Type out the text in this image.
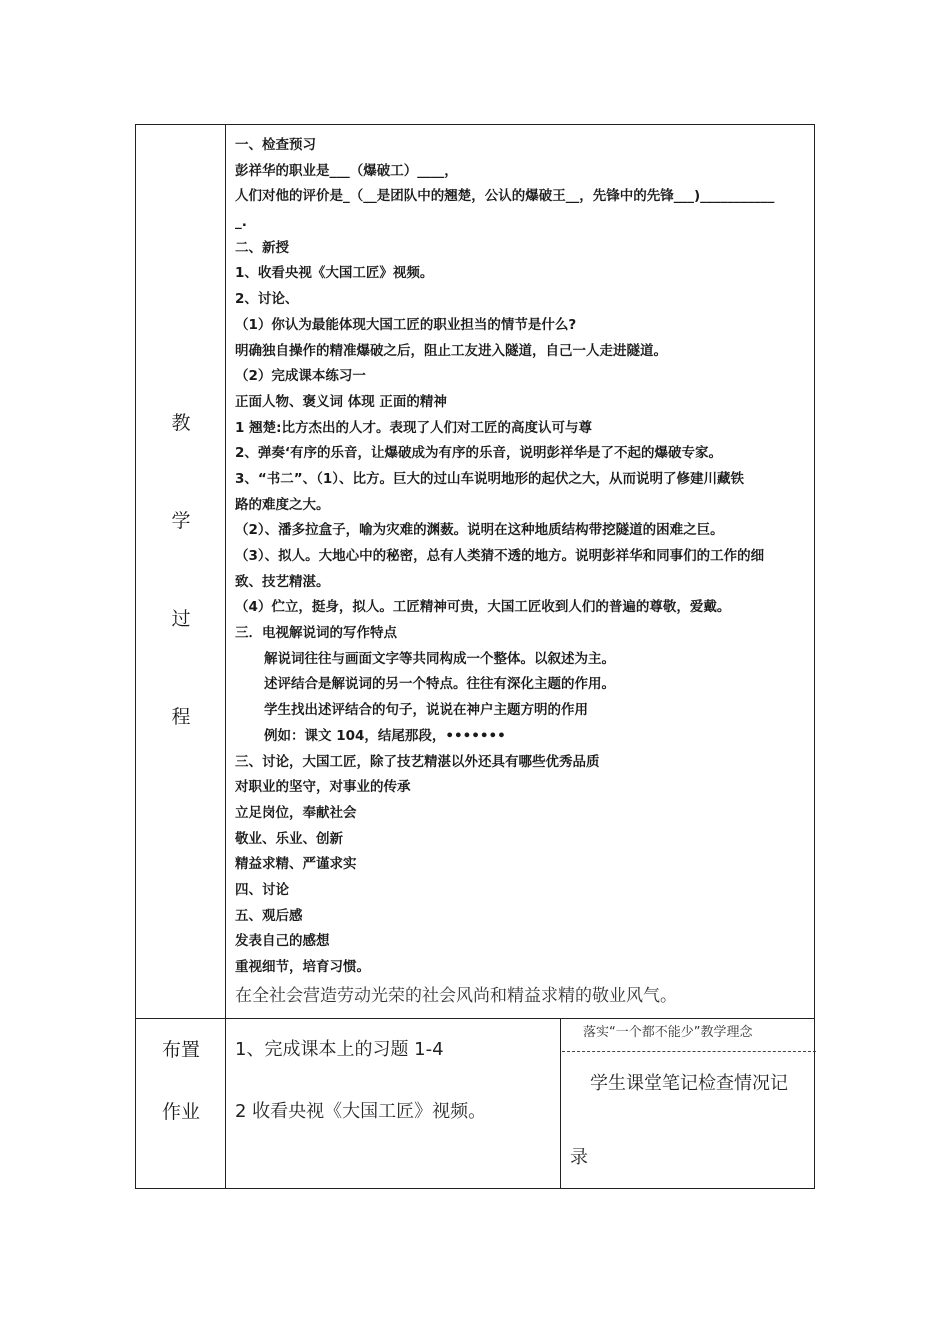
教
学
过
程
一、检查预习
彭祥华的职业是___（爆破工）____，
人们对他的评价是_（__是团队中的翘楚，公认的爆破王__，先锋中的先锋___)___________
_.
二、新授
1、收看央视《大国工匠》视频。
2、讨论、
（1）你认为最能体现大国工匠的职业担当的情节是什么?
明确独自操作的精准爆破之后，阻止工友进入隧道，自己一人走进隧道。
（2）完成课本练习一
正面人物、褒义词 体现 正面的精神
1 翘楚:比方杰出的人才。表现了人们对工匠的高度认可与尊
2、弹奏‘有序的乐音，让爆破成为有序的乐音，说明彭祥华是了不起的爆破专家。
3、“书二”、（1）、比方。巨大的过山车说明地形的起伏之大，从而说明了修建川藏铁
路的难度之大。
（2）、潘多拉盒子，喻为灾难的渊薮。说明在这种地质结构带挖隧道的困难之巨。
（3）、拟人。大地心中的秘密，总有人类猜不透的地方。说明彭祥华和同事们的工作的细
致、技艺精湛。
（4）伫立，挺身，拟人。工匠精神可贵，大国工匠收到人们的普遍的尊敬，爱戴。
三．电视解说词的写作特点
解说词往往与画面文字等共同构成一个整体。以叙述为主。
述评结合是解说词的另一个特点。往往有深化主题的作用。
学生找出述评结合的句子，说说在神户主题方明的作用
例如：课文 104，结尾那段，•••••••
三、讨论，大国工匠，除了技艺精湛以外还具有哪些优秀品质
对职业的坚守，对事业的传承
立足岗位，奉献社会
敬业、乐业、创新
精益求精、严谨求实
四、讨论
五、观后感
发表自己的感想
重视细节，培育习惯。
在全社会营造劳动光荣的社会风尚和精益求精的敬业风气。
布置
作业
1、完成课本上的习题 1-4
2 收看央视《大国工匠》视频。
落实“一个都不能少”教学理念
学生课堂笔记检查情况记
录
